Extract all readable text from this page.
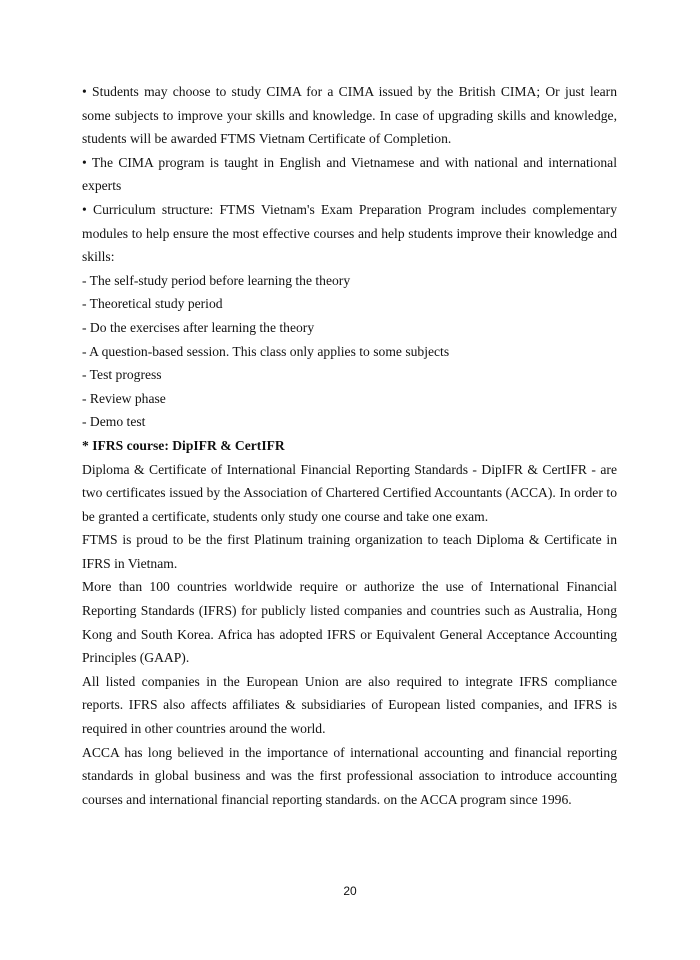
• Students may choose to study CIMA for a CIMA issued by the British CIMA; Or just learn some subjects to improve your skills and knowledge. In case of upgrading skills and knowledge, students will be awarded FTMS Vietnam Certificate of Completion.

• The CIMA program is taught in English and Vietnamese and with national and international experts

• Curriculum structure: FTMS Vietnam's Exam Preparation Program includes complementary modules to help ensure the most effective courses and help students improve their knowledge and skills:

- The self-study period before learning the theory
- Theoretical study period
- Do the exercises after learning the theory
- A question-based session. This class only applies to some subjects
- Test progress
- Review phase
- Demo test
* IFRS course: DipIFR & CertIFR

Diploma & Certificate of International Financial Reporting Standards - DipIFR & CertIFR - are two certificates issued by the Association of Chartered Certified Accountants (ACCA). In order to be granted a certificate, students only study one course and take one exam.

FTMS is proud to be the first Platinum training organization to teach Diploma & Certificate in IFRS in Vietnam.

More than 100 countries worldwide require or authorize the use of International Financial Reporting Standards (IFRS) for publicly listed companies and countries such as Australia, Hong Kong and South Korea. Africa has adopted IFRS or Equivalent General Acceptance Accounting Principles (GAAP).

All listed companies in the European Union are also required to integrate IFRS compliance reports. IFRS also affects affiliates & subsidiaries of European listed companies, and IFRS is required in other countries around the world.

ACCA has long believed in the importance of international accounting and financial reporting standards in global business and was the first professional association to introduce accounting courses and international financial reporting standards. on the ACCA program since 1996.

20
